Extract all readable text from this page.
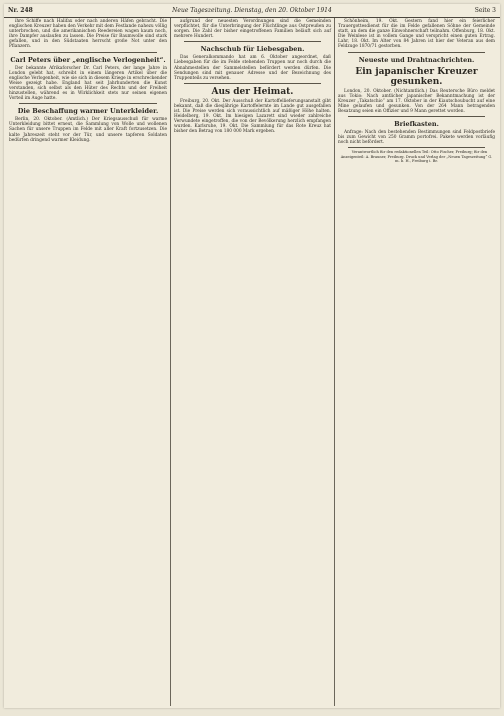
Nr. 248	Neue Tageszeitung. Dienstag, den 20. Oktober 1914	Seite 3

ihre Schiffe nach Halifax oder nach anderen Häfen gebracht. Die englischen Kreuzer haben den Verkehr mit dem Festlande nahezu völlig unterbrochen, und die amerikanischen Reedereien wagen kaum noch, ihre Dampfer auslaufen zu lassen. Die Preise für Baumwolle sind stark gefallen, und in den Südstaaten herrscht große Not unter den Pflanzern.

Carl Peters über „englische Verlogenheit“.

Der bekannte Afrikaforscher Dr. Carl Peters, der lange Jahre in London gelebt hat, schreibt in einem längeren Artikel über die englische Verlogenheit, wie sie sich in diesem Kriege in erschreckender Weise gezeigt habe. England hat seit Jahrhunderten die Kunst verstanden, sich selbst als den Hüter des Rechts und der Freiheit hinzustellen, während es in Wirklichkeit stets nur seinen eigenen Vorteil im Auge hatte.

Die Beschaffung warmer Unterkleider.

Berlin, 20. Oktober. (Amtlich.) Der Kriegsausschuß für warme Unterkleidung bittet erneut, die Sammlung von Wolle und wollenen Sachen für unsere Truppen im Felde mit aller Kraft fortzusetzen. Die kalte Jahreszeit steht vor der Tür, und unsere tapferen Soldaten bedürfen dringend warmer Kleidung.

aufgrund der neuesten Verordnungen sind die Gemeinden verpflichtet, für die Unterbringung der Flüchtlinge aus Ostpreußen zu sorgen. Die Zahl der bisher eingetroffenen Familien beläuft sich auf mehrere Hundert.

Nachschub für Liebesgaben.

Das Generalkommando hat am 6. Oktober angeordnet, daß Liebesgaben für die im Felde stehenden Truppen nur noch durch die Abnahmestellen der Sammelstellen befördert werden dürfen. Die Sendungen sind mit genauer Adresse und der Bezeichnung des Truppenteils zu versehen.

Aus der Heimat.

Freiburg, 20. Okt. Der Ausschuß der Kartoffellieferungsanstalt gibt bekannt, daß die diesjährige Kartoffelernte im Lande gut ausgefallen ist. Die Preise werden sich voraussichtlich auf mäßiger Höhe halten. Heidelberg, 19. Okt. Im hiesigen Lazarett sind wieder zahlreiche Verwundete eingetroffen, die von der Bevölkerung herzlich empfangen wurden. Karlsruhe, 19. Okt. Die Sammlung für das Rote Kreuz hat bisher den Betrag von 180 000 Mark ergeben.

Schönheim, 19. Okt. Gestern fand hier ein feierlicher Trauergottesdienst für die im Felde gefallenen Söhne der Gemeinde statt, an dem die ganze Einwohnerschaft teilnahm. Offenburg, 18. Okt. Die Weinlese ist in vollem Gange und verspricht einen guten Ertrag. Lahr, 18. Okt. Im Alter von 84 Jahren ist hier der Veteran aus dem Feldzuge 1870/71 gestorben.

Neueste und Drahtnachrichten.
Ein japanischer Kreuzer gesunken.

London, 20. Oktober. (Nichtamtlich.) Das Reutersche Büro meldet aus Tokio: Nach amtlicher japanischer Bekanntmachung ist der Kreuzer „Takatschio“ am 17. Oktober in der Kiautschoubucht auf eine Mine gelaufen und gesunken. Von der 264 Mann betragenden Besatzung seien ein Offizier und 9 Mann gerettet worden.

Briefkasten.

Anfrage: Nach den bestehenden Bestimmungen sind Feldpostbriefe bis zum Gewicht von 250 Gramm portofrei. Pakete werden vorläufig noch nicht befördert.

Verantwortlich für den redaktionellen Teil: Otto Fischer, Freiburg; für den Anzeigenteil: A. Brauner, Freiburg. Druck und Verlag der „Neuen Tageszeitung“ G. m. b. H., Freiburg i. Br.
